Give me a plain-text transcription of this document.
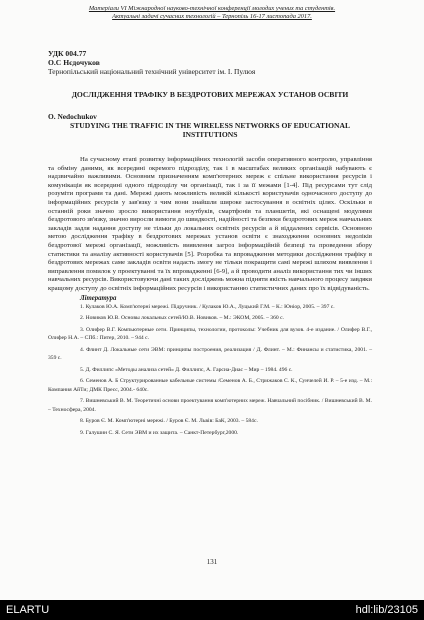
Матеріали VI Міжнародної науково-технічної конференції молодих учених та студентів.
Актуальні задачі сучасних технологій – Тернопіль 16-17 листопада 2017.
УДК 004.77
О.С Нєдочуков
Тернопільський національний технічний університет ім. І. Пулюя
ДОСЛІДЖЕННЯ ТРАФІКУ В БЕЗДРОТОВИХ МЕРЕЖАХ УСТАНОВ ОСВІТИ
O. Nedochukov
STUDYING THE TRAFFIC IN THE WIRELESS NETWORKS OF EDUCATIONAL INSTITUTIONS
На сучасному етапі розвитку інформаційних технологій засоби оперативного контролю, управління та обміну даними, як всередині окремого підрозділу, так і в масштабах великих організацій набувають є надзвичайно важливими. Основним призначенням комп'ютерних мереж є спільне використання ресурсів і комунікація як всередині одного підрозділу чи організації, так і за її межами [1-4]. Під ресурсами тут слід розуміти програми та дані. Мережі дають можливість великій кількості користувачів одночасного доступу до інформаційних ресурсів у зав'язку з чим вони знайшли широке застосування в освітніх цілях. Оскільки в останній роки значно зросло використання ноутбуків, смартфонів та планшетів, які оснащені модулями бездротового зв'язку, значно виросли вимоги до швидкості, надійності та безпеки бездротових мереж навчальних закладів задля надання доступу не тільки до локальних освітніх ресурсів а й віддалених сервісів. Основною метою дослідження трафіку в бездротових мережах установ освіти є знаходження основних недоліків бездротової мережі організації, можливість виявлення загроз інформаційній безпеці та проведення збору статистики та аналізу активності користувачів [5]. Розробка та впровадження методики дослідження трафіку в бездротових мережах саме закладів освіти надасть змогу не тільки покращити самі мережі шляхом виявлення і виправлення помилок у проектуванні та їх впровадженні [6-9], а й проводити аналіз використання тих чи інших навчальних ресурсів. Використовуючи дані таких досліджень можна підняти якість навчального процесу завдяки кращому доступу до освітніх інформаційних ресурсів і використанню статистичних даних про їх відвідуваність.
Література
1. Кулаков Ю.А. Комп'ютерні мережі. Підручник. / Кулаков Ю.А., Луцький Г.М. – К.: Юніор, 2005. – 397 с.
2. Новиков Ю.В. Основы локальных сетей/Ю.В. Новиков. – М.: ЭКОМ, 2005. – 360 с.
3. Олифер В.Г. Компьютерные сети. Принципы, технологии, протоколы: Учебник для вузов. 4-е издание. / Олифер В.Г., Олифер Н.А. – СПб.: Питер, 2010. – 944 с.
4. Флинт Д. Локальные сети ЭВМ: принципы построения, реализация / Д. Флинт. – М.: Финансы и статистика, 2001. – 359 с.
5. Д. Филлипс «Методы анализа сетей» Д. Филлипс, А. Гарсиа-Диас – Мир – 1984. 496 с.
6. Семенов А. Б Структурированные кабельные системы /Семенов А. Б., Стрижаков С. К., Сунчелей И. Р. – 5-е изд. – М.: Компания АйТи; ДМК Пресс, 2004.- 640с.
7. Вишневський В. М. Теоретичні основи проектування комп'ютерних мереж. Навчальний посібник. / Вишневський В. М. – Техносфера, 2004.
8. Буров Є. М. Комп'ютерні мережі. / Буров Є. М. Львів: БаК, 2003. – 584с.
9. Галушин С. Я. Сети ЭВМ и их защита. – Санкт-Петербург,2000.
131
ELARTU	hdl:lib/23105
